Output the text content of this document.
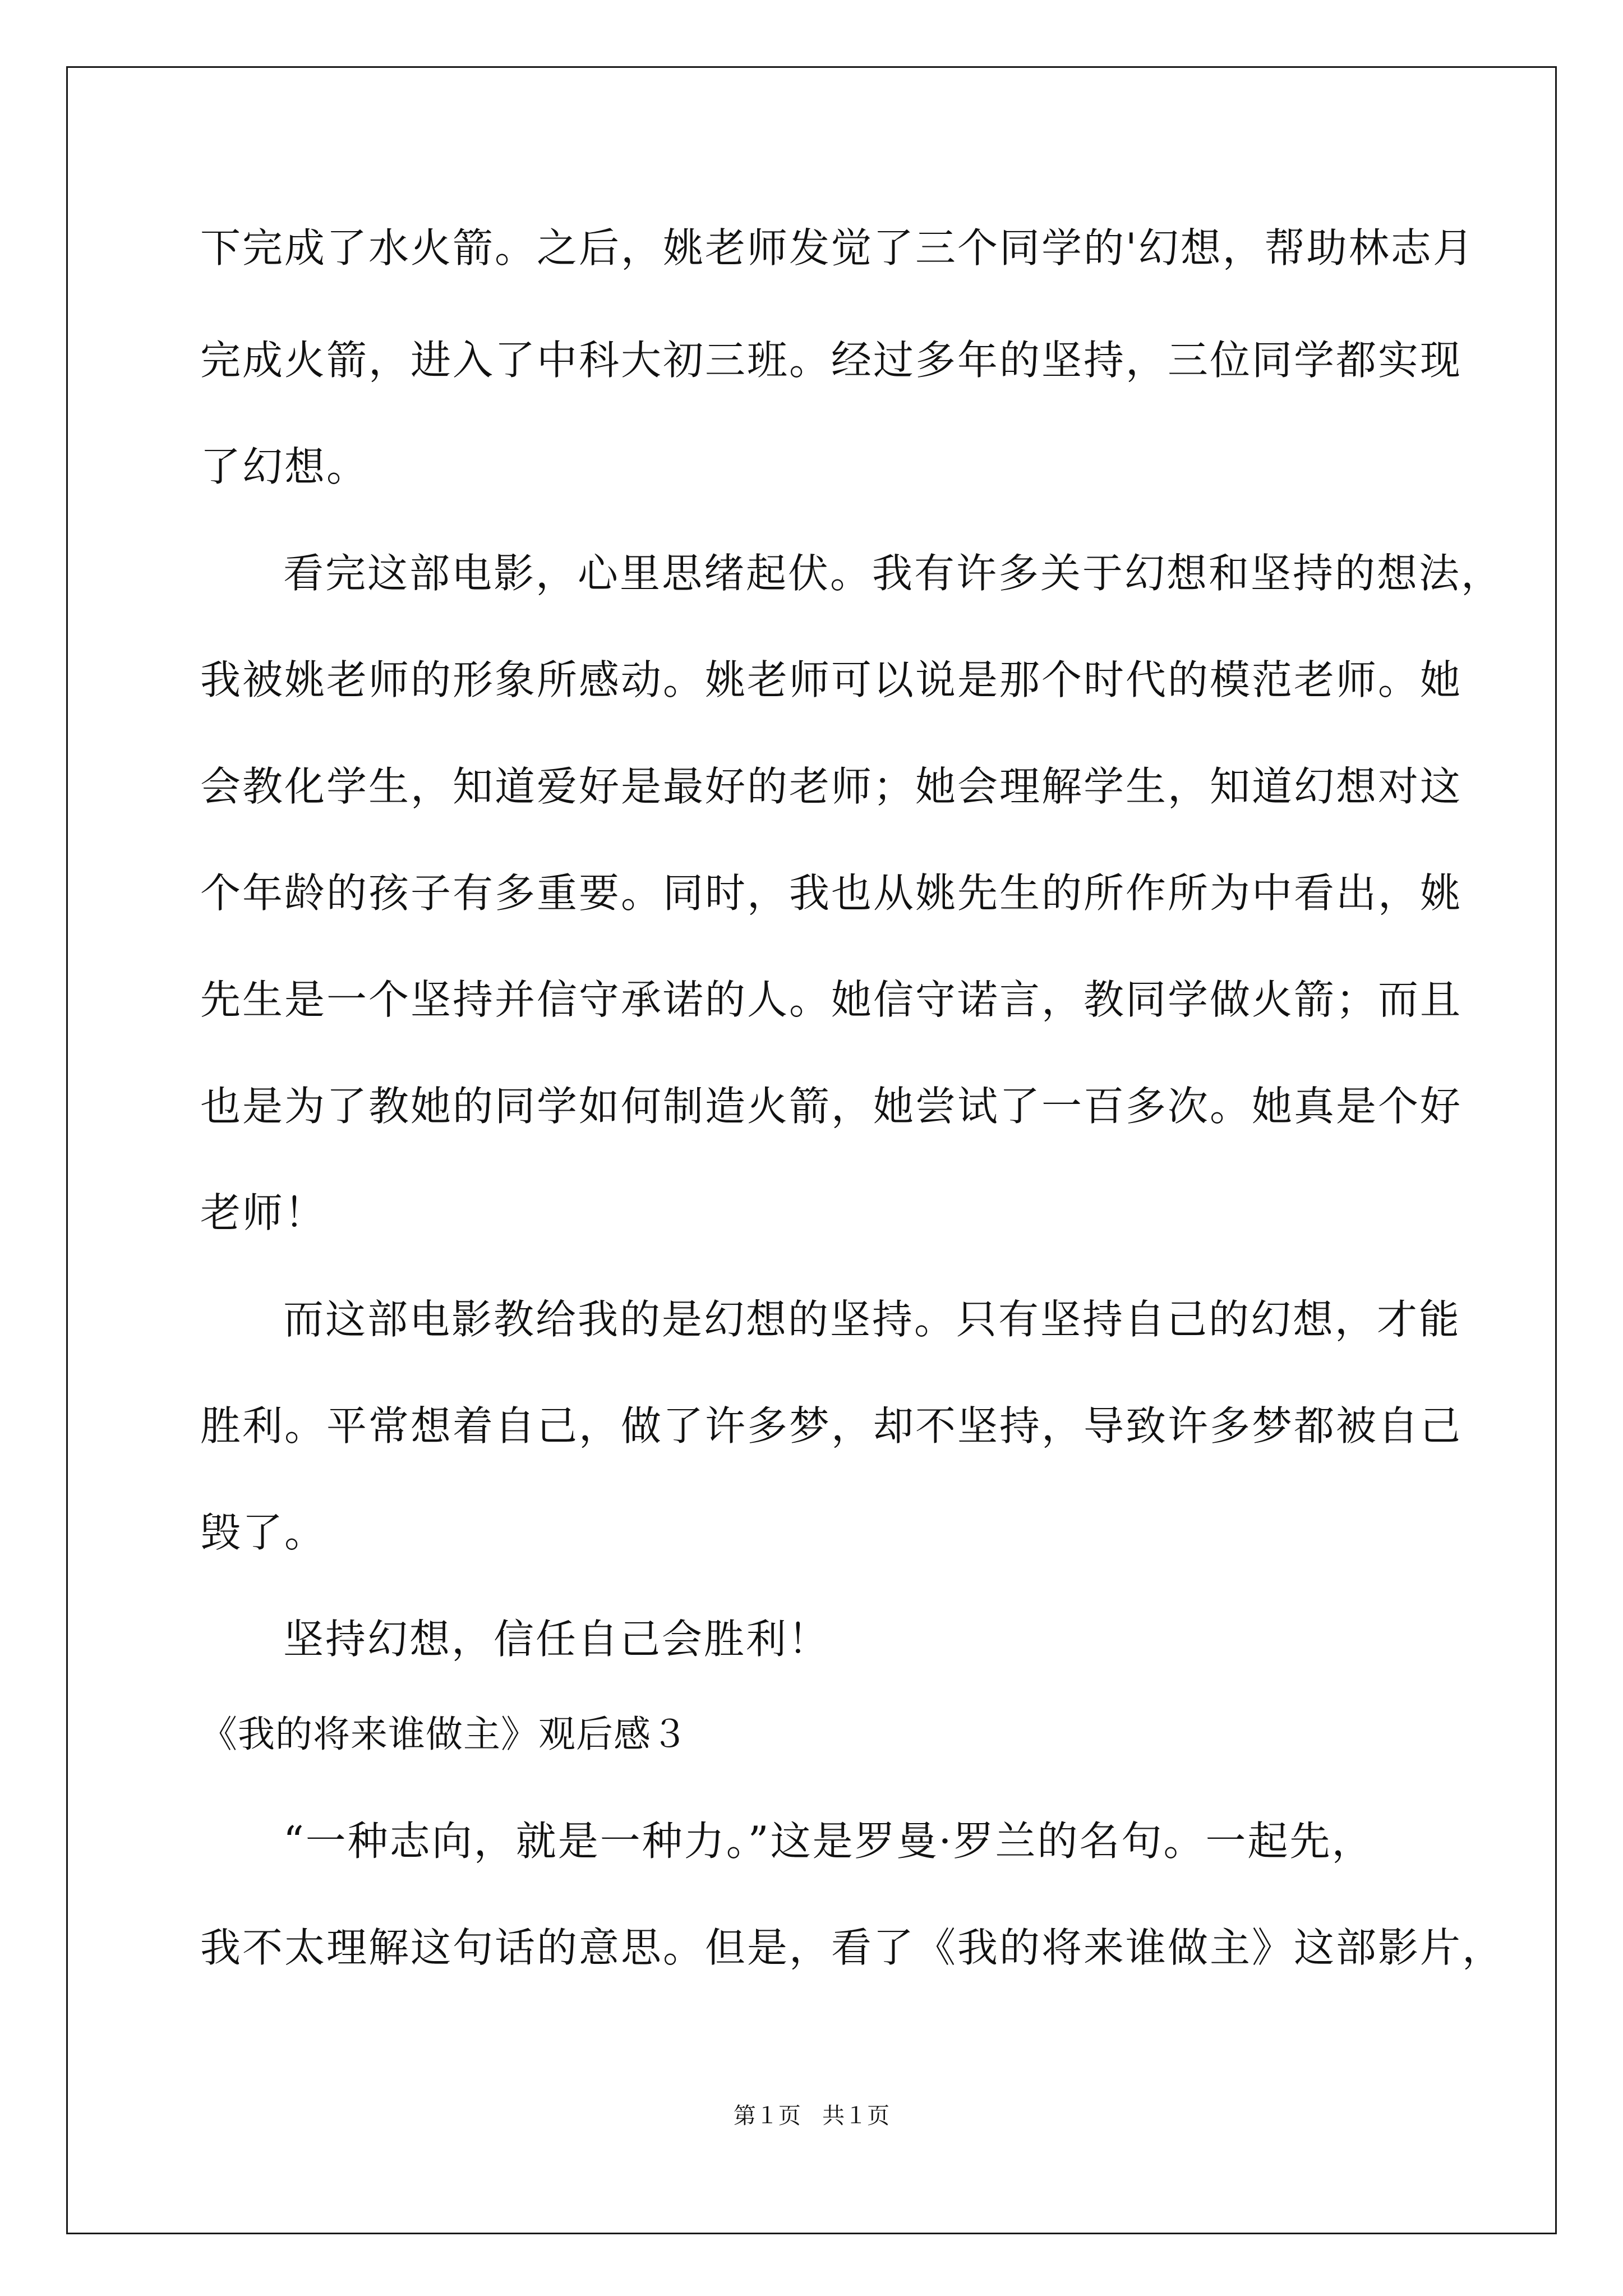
下完成了水火箭。之后，姚老师发觉了三个同学的'幻想，帮助林志月

完成火箭，进入了中科大初三班。经过多年的坚持，三位同学都实现

了幻想。

看完这部电影，心里思绪起伏。我有许多关于幻想和坚持的想法，

我被姚老师的形象所感动。姚老师可以说是那个时代的模范老师。她

会教化学生，知道爱好是最好的老师；她会理解学生，知道幻想对这

个年龄的孩子有多重要。同时，我也从姚先生的所作所为中看出，姚

先生是一个坚持并信守承诺的人。她信守诺言，教同学做火箭；而且

也是为了教她的同学如何制造火箭，她尝试了一百多次。她真是个好

老师！

而这部电影教给我的是幻想的坚持。只有坚持自己的幻想，才能

胜利。平常想着自己，做了许多梦，却不坚持，导致许多梦都被自己

毁了。

坚持幻想，信任自己会胜利！

《我的将来谁做主》观后感３

“一种志向，就是一种力。”这是罗曼·罗兰的名句。一起先，

我不太理解这句话的意思。但是，看了《我的将来谁做主》这部影片，

第１页   共１页
